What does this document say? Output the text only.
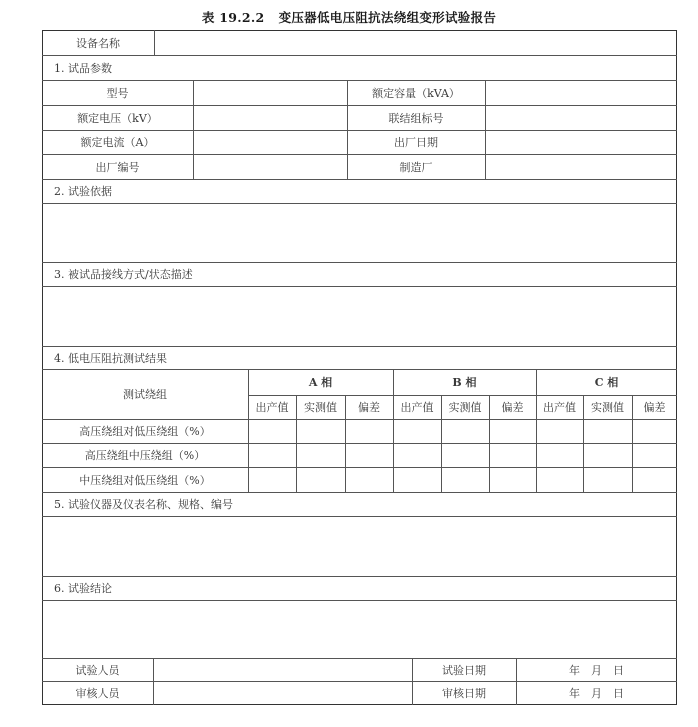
表 19.2.2 变压器低电压阻抗法绕组变形试验报告
设备名称
1. 试品参数
型号	额定容量（kVA）
额定电压（kV）	联结组标号
额定电流（A）	出厂日期
出厂编号	制造厂
2. 试验依据
3. 被试品接线方式/状态描述
4. 低电压阻抗测试结果
测试绕组
A 相	B 相	C 相
出产值	实测值	偏差	出产值	实测值	偏差	出产值	实测值	偏差
高压绕组对低压绕组（%）
高压绕组中压绕组（%）
中压绕组对低压绕组（%）
5. 试验仪器及仪表名称、规格、编号
6. 试验结论
试验人员	试验日期	年　月　日
审核人员	审核日期	年　月　日
